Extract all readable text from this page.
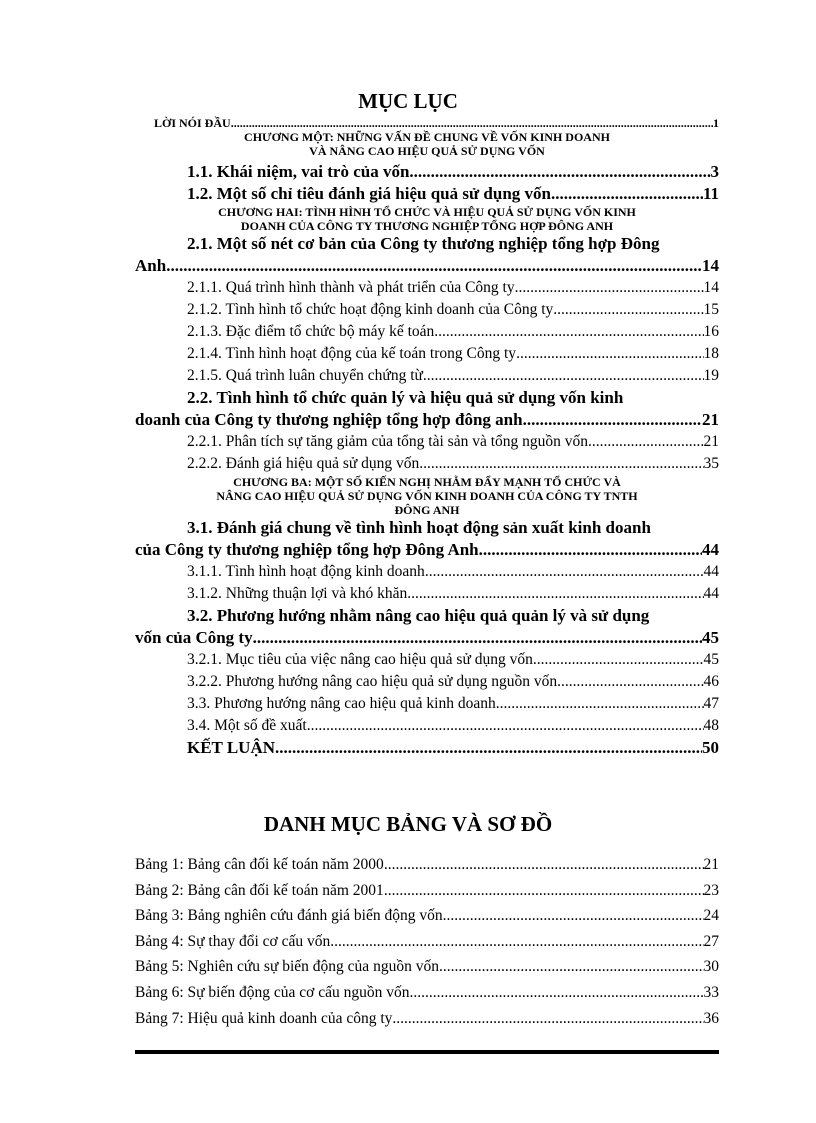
MỤC LỤC
LỜI NÓI ĐẦU .....	1
CHƯƠNG MỘT: NHỮNG VẤN ĐỀ CHUNG VỀ VỐN KINH DOANH
VÀ NÂNG CAO HIỆU QUẢ SỬ DỤNG VỐN
1.1. Khái niệm, vai trò của vốn .....	3
1.2. Một số chỉ tiêu đánh giá hiệu quả sử dụng vốn .....	11
CHƯƠNG HAI: TÌNH HÌNH TỔ CHỨC VÀ HIỆU QUẢ SỬ DỤNG VỐN KINH
DOANH CỦA CÔNG TY THƯƠNG NGHIỆP TỔNG HỢP ĐÔNG ANH
2.1. Một số nét cơ bản của Công ty thương nghiệp tổng hợp Đông
Anh .....	14
2.1.1. Quá trình hình thành và phát triển của Công ty .....	14
2.1.2. Tình hình tổ chức hoạt động kinh doanh của Công ty .....	15
2.1.3. Đặc điểm tổ chức bộ máy kế toán .....	16
2.1.4. Tình hình hoạt động của kế toán trong Công ty .....	18
2.1.5. Quá trình luân chuyển chứng từ .....	19
2.2. Tình hình tổ chức quản lý và hiệu quả sử dụng vốn kinh
doanh của Công ty thương nghiệp tổng hợp đông anh .....	21
2.2.1. Phân tích sự tăng giảm của tổng tài sản và tổng nguồn vốn .....	21
2.2.2. Đánh giá hiệu quả sử dụng vốn .....	35
CHƯƠNG BA: MỘT SỐ KIẾN NGHỊ NHẰM ĐẨY MẠNH TỔ CHỨC VÀ
NÂNG CAO HIỆU QUẢ SỬ DỤNG VỐN KINH DOANH CỦA CÔNG TY TNTH
ĐÔNG ANH
3.1. Đánh giá chung về tình hình hoạt động sản xuất kinh doanh
của Công ty thương nghiệp tổng hợp Đông Anh .....	44
3.1.1. Tình hình hoạt động kinh doanh .....	44
3.1.2. Những thuận lợi và khó khăn .....	44
3.2. Phương hướng nhằm nâng cao hiệu quả quản lý và sử dụng
vốn của Công ty .....	45
3.2.1. Mục tiêu của việc nâng cao hiệu quả sử dụng vốn .....	45
3.2.2. Phương hướng nâng cao hiệu quả sử dụng nguồn vốn .....	46
3.3. Phương hướng nâng cao hiệu quả kinh doanh .....	47
3.4. Một số đề xuất .....	48
KẾT LUẬN .....	50
DANH MỤC BẢNG VÀ SƠ ĐỒ
Bảng 1: Bảng cân đối kế toán năm 2000 .....	21
Bảng 2: Bảng cân đối kế toán năm 2001 .....	23
Bảng 3: Bảng nghiên cứu đánh giá biến động vốn .....	24
Bảng 4: Sự thay đổi cơ cấu vốn .....	27
Bảng 5: Nghiên cứu sự biến động của nguồn vốn .....	30
Bảng 6: Sự biến động của cơ cấu nguồn vốn .....	33
Bảng 7: Hiệu quả kinh doanh của công ty .....	36
